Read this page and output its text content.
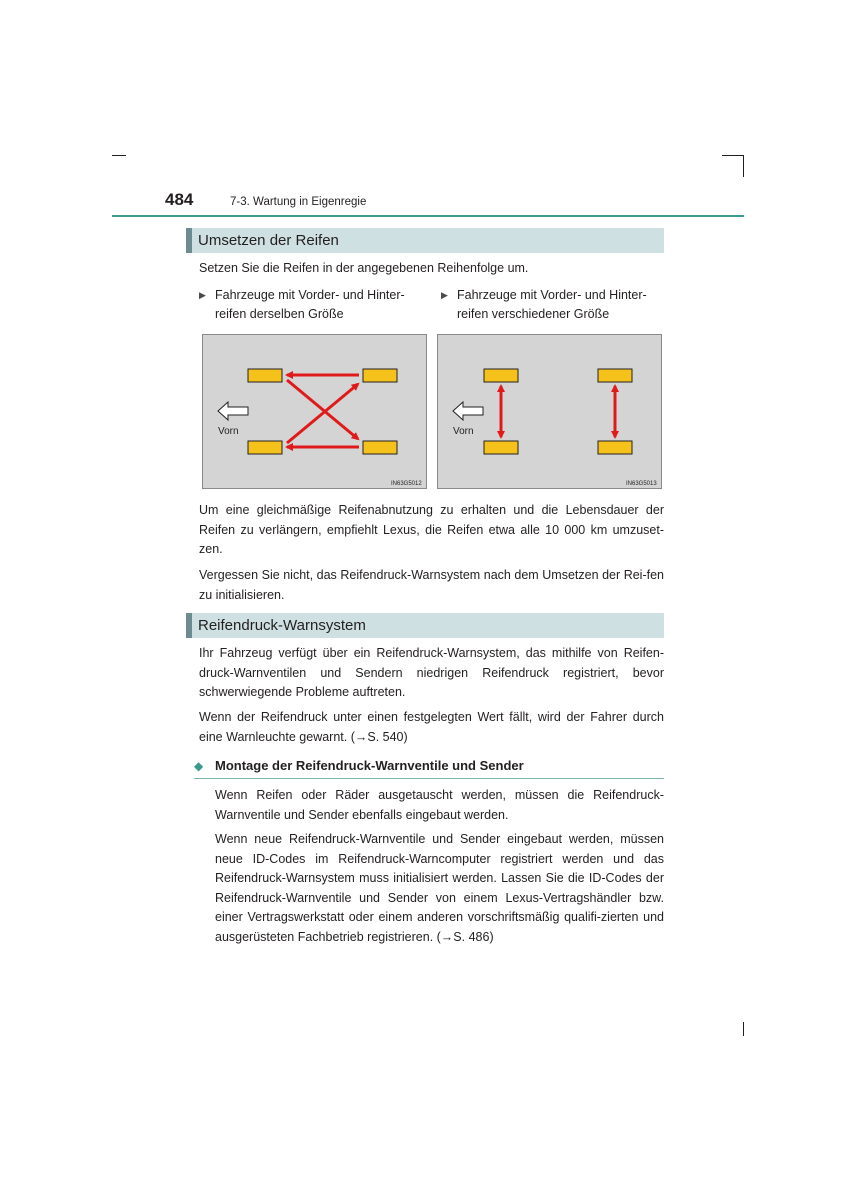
484	7-3. Wartung in Eigenregie
Umsetzen der Reifen

Setzen Sie die Reifen in der angegebenen Reihenfolge um.

▶ Fahrzeuge mit Vorder- und Hinter-reifen derselben Größe
▶ Fahrzeuge mit Vorder- und Hinter-reifen verschiedener Größe
Vorn
IN63G5012
Vorn
IN63G5013

Um eine gleichmäßige Reifenabnutzung zu erhalten und die Lebensdauer der Reifen zu verlängern, empfiehlt Lexus, die Reifen etwa alle 10 000 km umzuset-zen.

Vergessen Sie nicht, das Reifendruck-Warnsystem nach dem Umsetzen der Rei-fen zu initialisieren.

Reifendruck-Warnsystem

Ihr Fahrzeug verfügt über ein Reifendruck-Warnsystem, das mithilfe von Reifen-druck-Warnventilen und Sendern niedrigen Reifendruck registriert, bevor schwerwiegende Probleme auftreten.

Wenn der Reifendruck unter einen festgelegten Wert fällt, wird der Fahrer durch eine Warnleuchte gewarnt. (→S. 540)

◆ Montage der Reifendruck-Warnventile und Sender

Wenn Reifen oder Räder ausgetauscht werden, müssen die Reifendruck-Warnventile und Sender ebenfalls eingebaut werden.

Wenn neue Reifendruck-Warnventile und Sender eingebaut werden, müssen neue ID-Codes im Reifendruck-Warncomputer registriert werden und das Reifendruck-Warnsystem muss initialisiert werden. Lassen Sie die ID-Codes der Reifendruck-Warnventile und Sender von einem Lexus-Vertragshändler bzw. einer Vertragswerkstatt oder einem anderen vorschriftsmäßig qualifi-zierten und ausgerüsteten Fachbetrieb registrieren. (→S. 486)
